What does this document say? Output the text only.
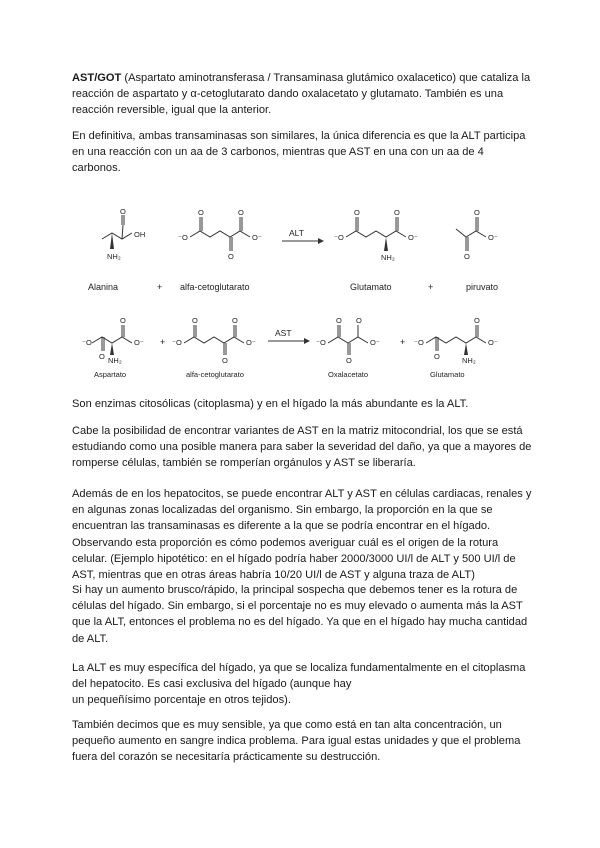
AST/GOT (Aspartato aminotransferasa / Transaminasa glutámico oxalacetico) que cataliza la reacción de aspartato y α-cetoglutarato dando oxalacetato y glutamato. También es una reacción reversible, igual que la anterior.

En definitiva, ambas transaminasas son similares, la única diferencia es que la ALT participa en una reacción con un aa de 3 carbonos, mientras que AST en una con un aa de 4 carbonos.

O
OH
NH₂
⁻O
O	O
O⁻
O
ALT	⁻O
O	O
O⁻
NH₂
O
O⁻
O
Alanina	+ alfa-cetoglutarato	Glutamato	+	piruvato
⁻O
O
O⁻
O NH₂
+ ⁻O
O	O
O⁻
O
AST
⁻O
O O
O⁻
O
+ ⁻O
O
O
O⁻
NH₂
Aspartato	alfa-cetoglutarato	Oxalacetato	Glutamato

Son enzimas citosólicas (citoplasma) y en el hígado la más abundante es la ALT.

Cabe la posibilidad de encontrar variantes de AST en la matriz mitocondrial, los que se está estudiando como una posible manera para saber la severidad del daño, ya que a mayores de romperse células, también se romperían orgánulos y AST se liberaría.

Además de en los hepatocitos, se puede encontrar ALT y AST en células cardiacas, renales y en algunas zonas localizadas del organismo. Sin embargo, la proporción en la que se encuentran las transaminasas es diferente a la que se podría encontrar en el hígado. Observando esta proporción es cómo podemos averiguar cuál es el origen de la rotura celular. (Ejemplo hipotético: en el hígado podría haber 2000/3000 UI/l de ALT y 500 UI/l de AST, mientras que en otras áreas habría 10/20 UI/l de AST y alguna traza de ALT)

Si hay un aumento brusco/rápido, la principal sospecha que debemos tener es la rotura de células del hígado. Sin embargo, si el porcentaje no es muy elevado o aumenta más la AST que la ALT, entonces el problema no es del hígado. Ya que en el hígado hay mucha cantidad de ALT.

La ALT es muy específica del hígado, ya que se localiza fundamentalmente en el citoplasma del hepatocito. Es casi exclusiva del hígado (aunque hay
un pequeñísimo porcentaje en otros tejidos).

También decimos que es muy sensible, ya que como está en tan alta concentración, un pequeño aumento en sangre indica problema. Para igual estas unidades y que el problema fuera del corazón se necesitaría prácticamente su destrucción.
